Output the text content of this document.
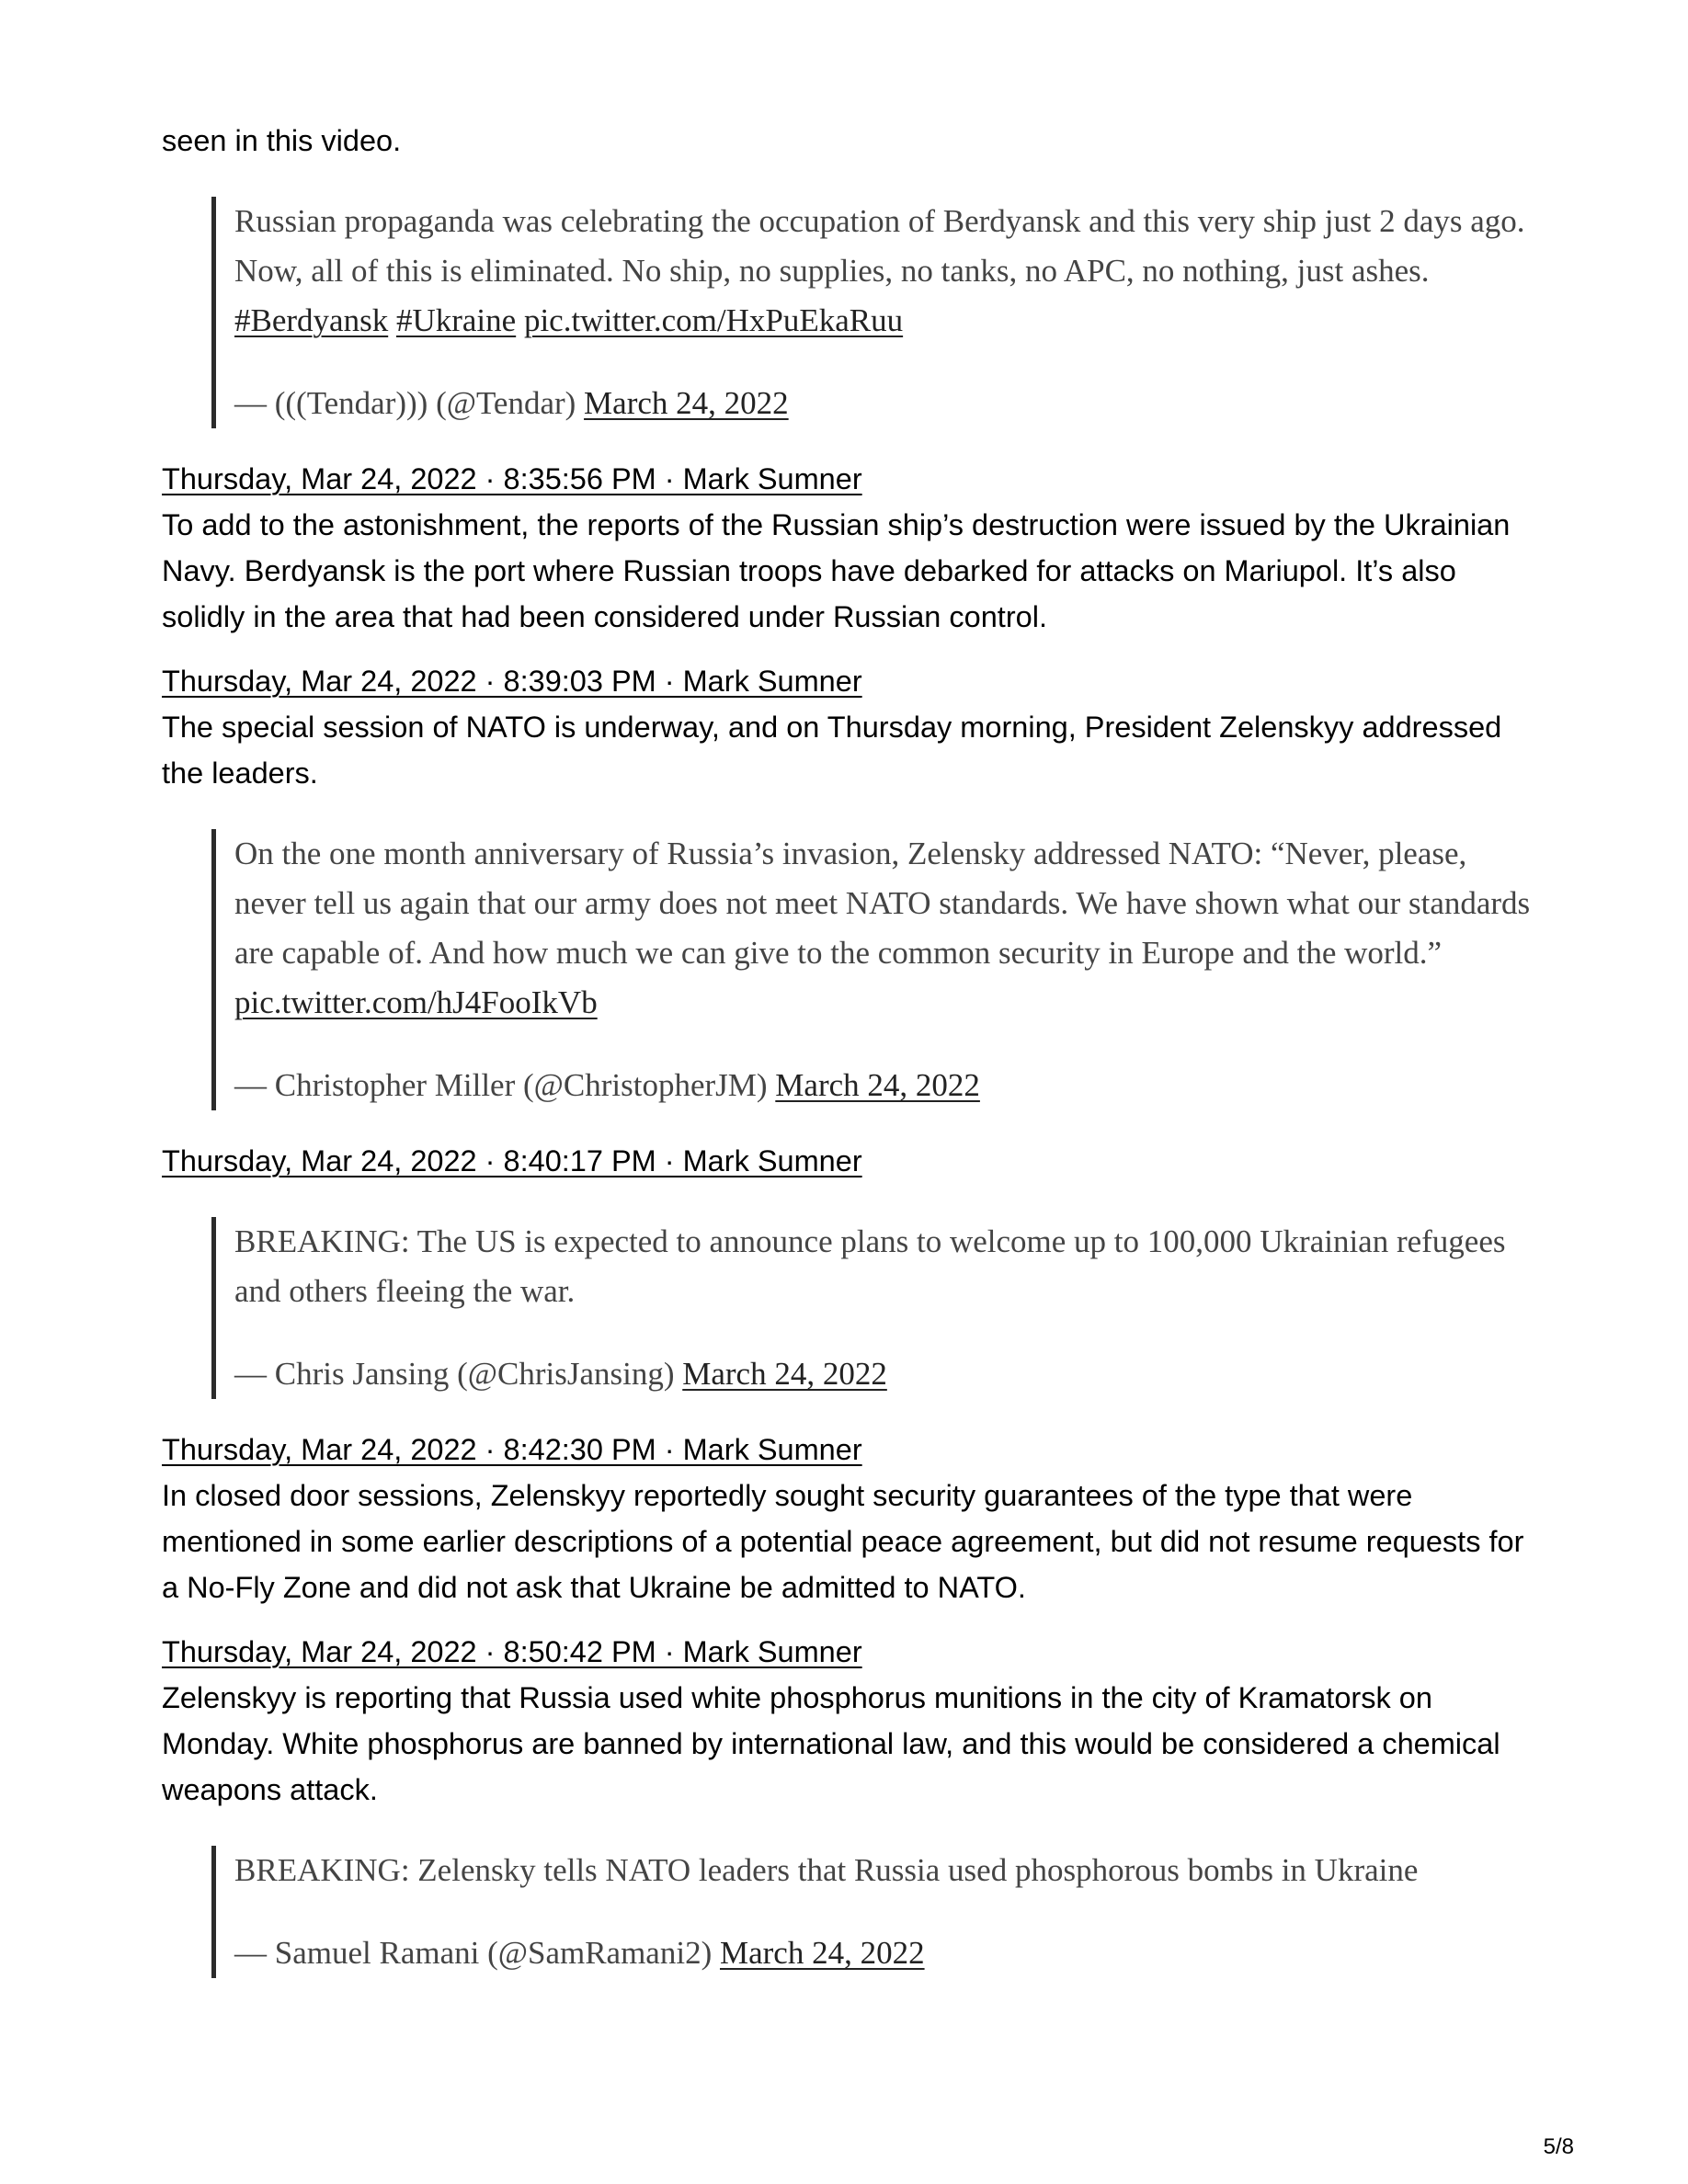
seen in this video.

Russian propaganda was celebrating the occupation of Berdyansk and this very ship just 2 days ago. Now, all of this is eliminated. No ship, no supplies, no tanks, no APC, no nothing, just ashes. #Berdyansk #Ukraine pic.twitter.com/HxPuEkaRuu

— (((Tendar))) (@Tendar) March 24, 2022

Thursday, Mar 24, 2022 · 8:35:56 PM · Mark Sumner

To add to the astonishment, the reports of the Russian ship’s destruction were issued by the Ukrainian Navy. Berdyansk is the port where Russian troops have debarked for attacks on Mariupol. It’s also solidly in the area that had been considered under Russian control.

Thursday, Mar 24, 2022 · 8:39:03 PM · Mark Sumner

The special session of NATO is underway, and on Thursday morning, President Zelenskyy addressed the leaders.

On the one month anniversary of Russia’s invasion, Zelensky addressed NATO: “Never, please, never tell us again that our army does not meet NATO standards. We have shown what our standards are capable of. And how much we can give to the common security in Europe and the world.” pic.twitter.com/hJ4FooIkVb

— Christopher Miller (@ChristopherJM) March 24, 2022

Thursday, Mar 24, 2022 · 8:40:17 PM · Mark Sumner

BREAKING: The US is expected to announce plans to welcome up to 100,000 Ukrainian refugees and others fleeing the war.

— Chris Jansing (@ChrisJansing) March 24, 2022

Thursday, Mar 24, 2022 · 8:42:30 PM · Mark Sumner

In closed door sessions, Zelenskyy reportedly sought security guarantees of the type that were mentioned in some earlier descriptions of a potential peace agreement, but did not resume requests for a No-Fly Zone and did not ask that Ukraine be admitted to NATO.

Thursday, Mar 24, 2022 · 8:50:42 PM · Mark Sumner

Zelenskyy is reporting that Russia used white phosphorus munitions in the city of Kramatorsk on Monday. White phosphorus are banned by international law, and this would be considered a chemical weapons attack.

BREAKING: Zelensky tells NATO leaders that Russia used phosphorous bombs in Ukraine

— Samuel Ramani (@SamRamani2) March 24, 2022

5/8
